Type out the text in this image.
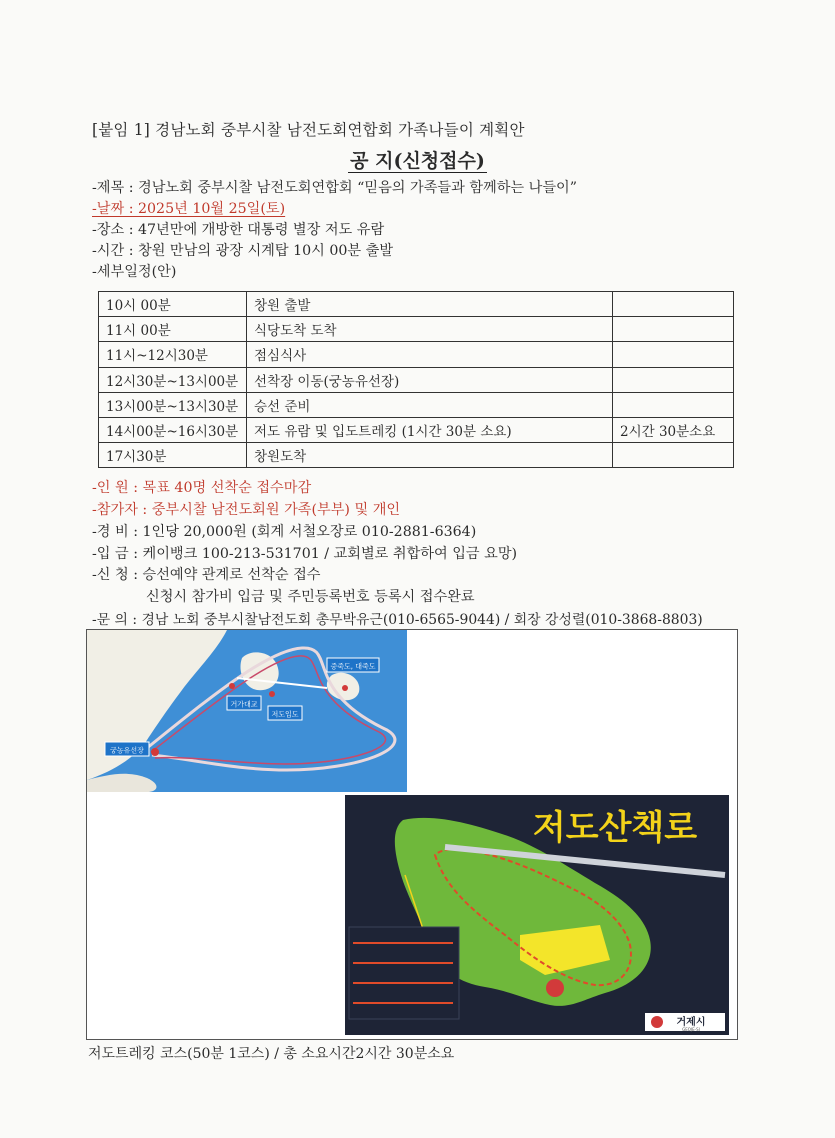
[붙임 1] 경남노회 중부시찰 남전도회연합회 가족나들이 계획안
공 지(신청접수)
-제목 : 경남노회 중부시찰 남전도회연합회 “믿음의 가족들과 함께하는 나들이”
-날짜 : 2025년 10월 25일(토)
-장소 : 47년만에 개방한 대통령 별장 저도 유람
-시간 : 창원 만남의 광장 시계탑 10시 00분 출발
-세부일정(안)
10시 00분	창원 출발	
11시 00분	식당도착 도착	
11시~12시30분	점심식사	
12시30분~13시00분	선착장 이동(궁농유선장)	
13시00분~13시30분	승선 준비	
14시00분~16시30분	저도 유람 및 입도트레킹 (1시간 30분 소요)	2시간 30분소요
17시30분	창원도착	
-인 원 : 목표 40명 선착순 접수마감
-참가자 : 중부시찰 남전도회원 가족(부부) 및 개인
-경 비 : 1인당 20,000원 (회계 서철오장로 010-2881-6364)
-입 금 : 케이뱅크 100-213-531701 / 교회별로 취합하여 입금 요망)
-신 청 : 승선예약 관계로 선착순 접수
신청시 참가비 입금 및 주민등록번호 등록시 접수완료
-문 의 : 경남 노회 중부시찰남전도회 총무박유근(010-6565-9044) / 회장 강성렬(010-3868-8803)
궁농유선장
거가대교
저도입도
중죽도, 대죽도
저도산책로
거제시
GEOJE-SI
저도트레킹 코스(50분 1코스) / 총 소요시간2시간 30분소요
